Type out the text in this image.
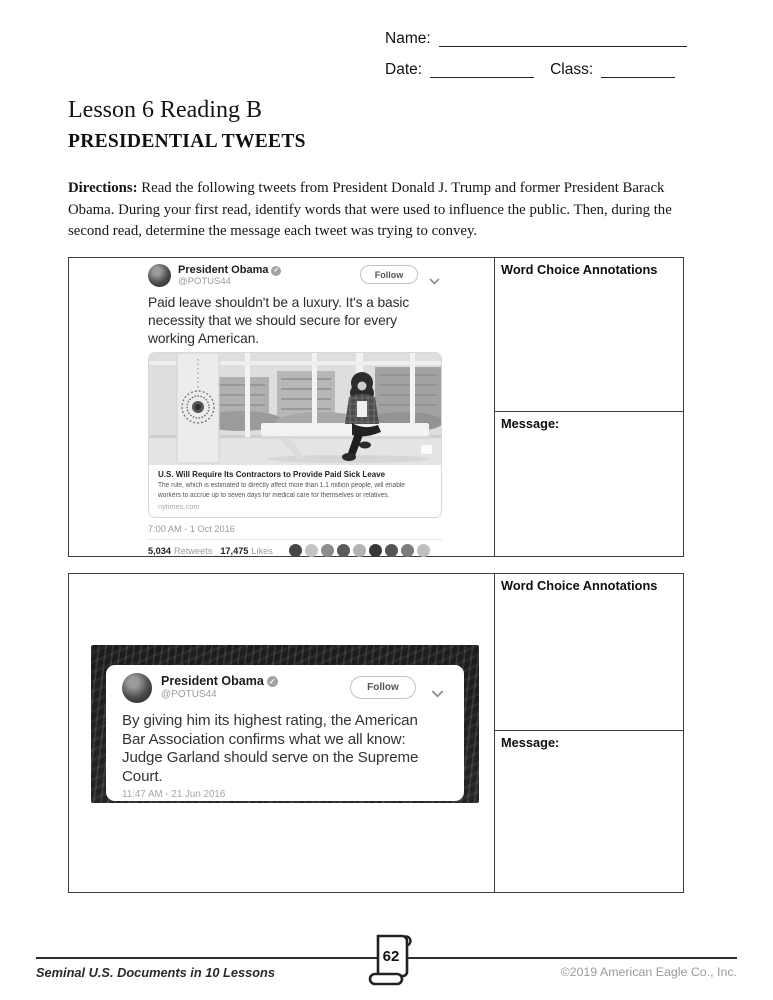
Name:
Date:	Class:
Lesson 6 Reading B
PRESIDENTIAL TWEETS

Directions: Read the following tweets from President Donald J. Trump and former President Barack Obama. During your first read, identify words that were used to influence the public. Then, during the second read, determine the message each tweet was trying to convey.

President Obama ✓
@POTUS44
Follow
Paid leave shouldn't be a luxury. It's a basic
necessity that we should secure for every
working American.
U.S. Will Require Its Contractors to Provide Paid Sick Leave
The rule, which is estimated to directly affect more than 1.1 million people, will enable workers to accrue up to seven days for medical care for themselves or relatives.
nytimes.com
7:00 AM - 1 Oct 2016
5,034 Retweets 17,475 Likes
Word Choice Annotations
Message:
President Obama ✓
@POTUS44
Follow
By giving him its highest rating, the American
Bar Association confirms what we all know:
Judge Garland should serve on the Supreme
Court.
11:47 AM - 21 Jun 2016
Word Choice Annotations
Message:
62
Seminal U.S. Documents in 10 Lessons	©2019 American Eagle Co., Inc.
